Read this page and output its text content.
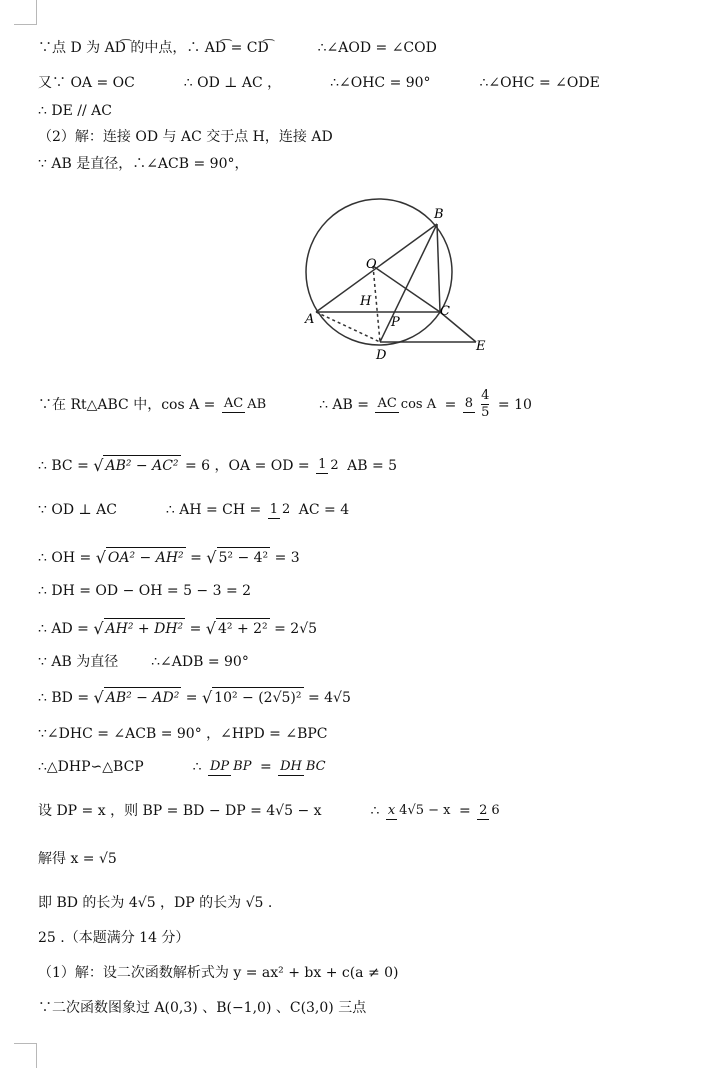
∵点 D 为 AD͡ 的中点，∴ AD͡ = CD͡	∴∠AOD = ∠COD
又∵ OA = OC	∴ OD ⊥ AC ，	∴∠OHC = 90°	∴∠OHC = ∠ODE
∴ DE // AC
（2）解：连接 OD 与 AC 交于点 H，连接 AD
∵ AB 是直径，∴∠ACB = 90°，
B
O
H
A	P
C
D
E
∵在 Rt△ABC 中，cos A = AC AB	∴ AB = AC $\cos A = 8 \frac{4}{5} = 10$
∴ BC = √ AB² − AC² = 6 ，OA = OD = 1 2 AB = 5
∵ OD ⊥ AC	∴ AH = CH = 1 2 AC = 4
∴ OH = √ OA² − AH² = √ 5² − 4² = 3
∴ DH = OD − OH = 5 − 3 = 2
∴ AD = √ AH² + DH² = √ 4² + 2² = 2√5
∵ AB 为直径 ∴∠ADB = 90°
∴ BD = √ AB² − AD² = √ 10² − (2√5)² = 4√5
∵∠DHC = ∠ACB = 90° ，∠HPD = ∠BPC
∴△DHP∽△BCP	∴ DP BP = DH BC
设 DP = x ，则 BP = BD − DP = 4√5 − x	∴ x 4√5 − x = 2 6
解得 x = √5
即 BD 的长为 4√5 ，DP 的长为 √5 .
25 .（本题满分 14 分）
（1）解：设二次函数解析式为 y = ax² + bx + c(a ≠ 0)
∵二次函数图象过 A(0,3) 、B(−1,0) 、C(3,0) 三点
